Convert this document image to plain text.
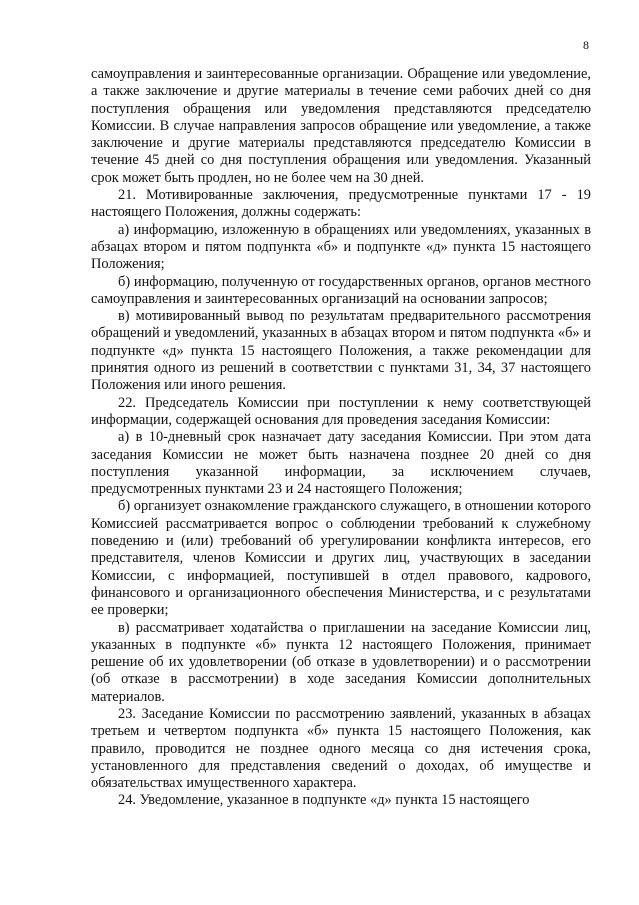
8

самоуправления и заинтересованные организации. Обращение или уведомление, а также заключение и другие материалы в течение семи рабочих дней со дня поступления обращения или уведомления представляются председателю Комиссии. В случае направления запросов обращение или уведомление, а также заключение и другие материалы представляются председателю Комиссии в течение 45 дней со дня поступления обращения или уведомления. Указанный срок может быть продлен, но не более чем на 30 дней.

21. Мотивированные заключения, предусмотренные пунктами 17 - 19 настоящего Положения, должны содержать:

а) информацию, изложенную в обращениях или уведомлениях, указанных в абзацах втором и пятом подпункта «б» и подпункте «д» пункта 15 настоящего Положения;

б) информацию, полученную от государственных органов, органов местного самоуправления и заинтересованных организаций на основании запросов;

в) мотивированный вывод по результатам предварительного рассмотрения обращений и уведомлений, указанных в абзацах втором и пятом подпункта «б» и подпункте «д» пункта 15 настоящего Положения, а также рекомендации для принятия одного из решений в соответствии с пунктами 31, 34, 37 настоящего Положения или иного решения.

22. Председатель Комиссии при поступлении к нему соответствующей информации, содержащей основания для проведения заседания Комиссии:

а) в 10-дневный срок назначает дату заседания Комиссии. При этом дата заседания Комиссии не может быть назначена позднее 20 дней со дня поступления указанной информации, за исключением случаев, предусмотренных пунктами 23 и 24 настоящего Положения;

б) организует ознакомление гражданского служащего, в отношении которого Комиссией рассматривается вопрос о соблюдении требований к служебному поведению и (или) требований об урегулировании конфликта интересов, его представителя, членов Комиссии и других лиц, участвующих в заседании Комиссии, с информацией, поступившей в отдел правового, кадрового, финансового и организационного обеспечения Министерства, и с результатами ее проверки;

в) рассматривает ходатайства о приглашении на заседание Комиссии лиц, указанных в подпункте «б» пункта 12 настоящего Положения, принимает решение об их удовлетворении (об отказе в удовлетворении) и о рассмотрении (об отказе в рассмотрении) в ходе заседания Комиссии дополнительных материалов.

23. Заседание Комиссии по рассмотрению заявлений, указанных в абзацах третьем и четвертом подпункта «б» пункта 15 настоящего Положения, как правило, проводится не позднее одного месяца со дня истечения срока, установленного для представления сведений о доходах, об имуществе и обязательствах имущественного характера.

24. Уведомление, указанное в подпункте «д» пункта 15 настоящего
